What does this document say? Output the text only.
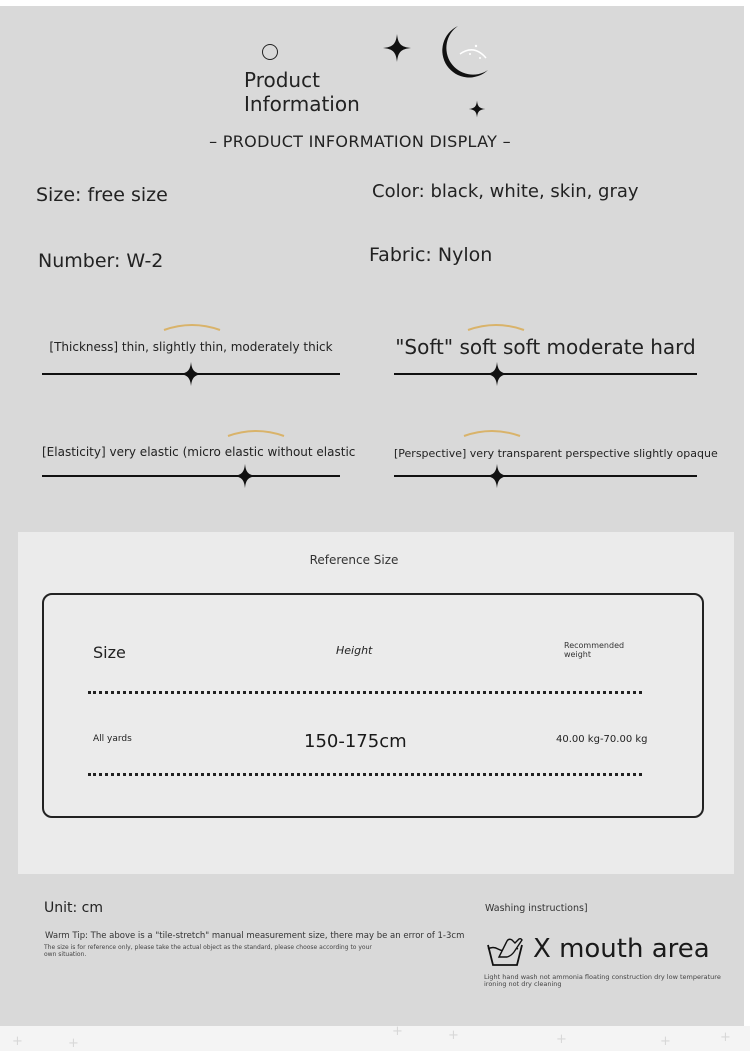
Product
Information
– PRODUCT INFORMATION DISPLAY –
Size: free size	Color: black, white, skin, gray
Number: W-2	Fabric: Nylon
[Thickness] thin, slightly thin, moderately thick	"Soft" soft soft moderate hard
[Elasticity] very elastic (micro elastic without elastic	[Perspective] very transparent perspective slightly opaque
Reference Size
Size	Height	Recommended
weight
All yards	150-175cm	40.00 kg-70.00 kg
Unit: cm
Warm Tip: The above is a "tile-stretch" manual measurement size, there may be an error of 1-3cm
The size is for reference only, please take the actual object as the standard, please choose according to your
own situation.
Washing instructions]
X mouth area
Light hand wash not ammonia floating construction dry low temperature
ironing not dry cleaning
+	+
+	+	+	+	+
